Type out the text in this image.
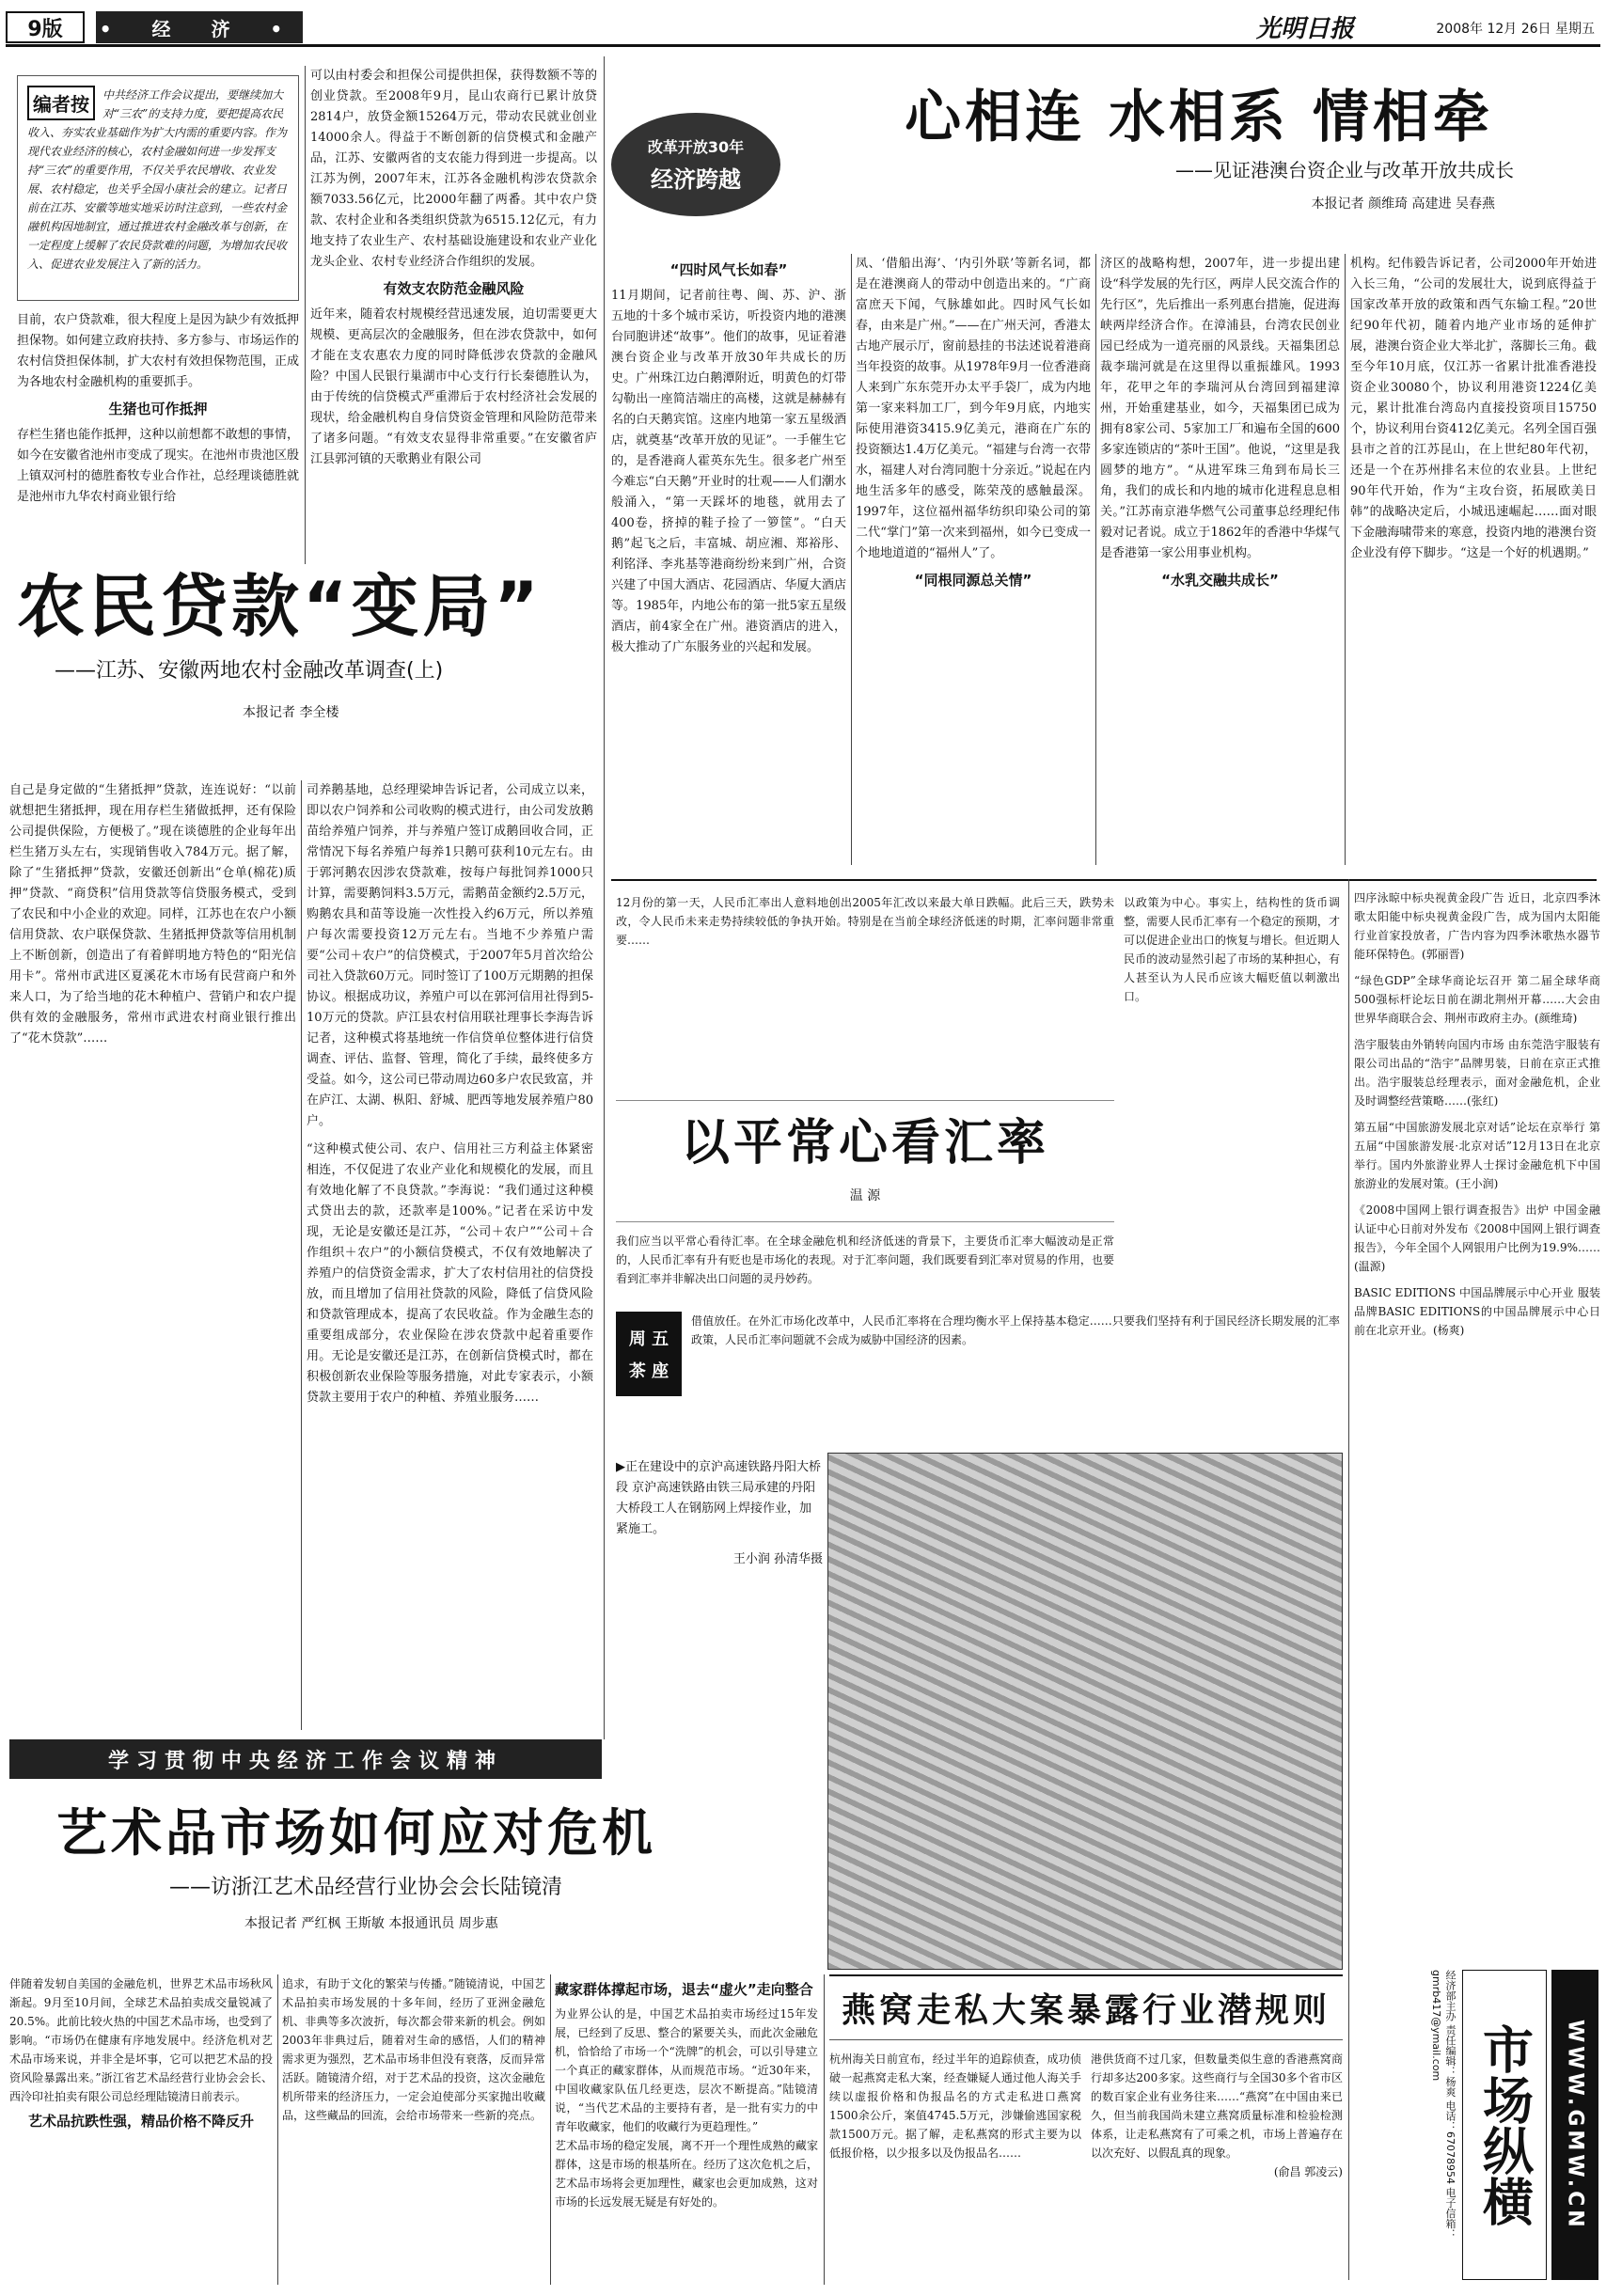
9版	• 经 济 •	光明日报	2008年 12月 26日 星期五
编者按	中共经济工作会议提出，要继续加大对“三农”的支持力度，要把提高农民收入、夯实农业基础作为扩大内需的重要内容。作为现代农业经济的核心，农村金融如何进一步发挥支持“三农”的重要作用，不仅关乎农民增收、农业发展、农村稳定，也关乎全国小康社会的建立。记者日前在江苏、安徽等地实地采访时注意到，一些农村金融机构因地制宜，通过推进农村金融改革与创新，在一定程度上缓解了农民贷款难的问题，为增加农民收入、促进农业发展注入了新的活力。

目前，农户贷款难，很大程度上是因为缺少有效抵押担保物。如何建立政府扶持、多方参与、市场运作的农村信贷担保体制，扩大农村有效担保物范围，正成为各地农村金融机构的重要抓手。

生猪也可作抵押

存栏生猪也能作抵押，这种以前想都不敢想的事情，如今在安徽省池州市变成了现实。在池州市贵池区殷上镇双河村的德胜畜牧专业合作社，总经理谈德胜就是池州市九华农村商业银行给

可以由村委会和担保公司提供担保，获得数额不等的创业贷款。至2008年9月，昆山农商行已累计放贷2814户，放贷金额15264万元，带动农民就业创业14000余人。得益于不断创新的信贷模式和金融产品，江苏、安徽两省的支农能力得到进一步提高。以江苏为例，2007年末，江苏各金融机构涉农贷款余额7033.56亿元，比2000年翻了两番。其中农户贷款、农村企业和各类组织贷款为6515.12亿元，有力地支持了农业生产、农村基础设施建设和农业产业化龙头企业、农村专业经济合作组织的发展。

有效支农防范金融风险

近年来，随着农村规模经营迅速发展，迫切需要更大规模、更高层次的金融服务，但在涉农贷款中，如何才能在支农惠农力度的同时降低涉农贷款的金融风险？中国人民银行巢湖市中心支行行长秦德胜认为，由于传统的信贷模式严重滞后于农村经济社会发展的现状，给金融机构自身信贷资金管理和风险防范带来了诸多问题。“有效支农显得非常重要。”在安徽省庐江县郭河镇的天歌鹅业有限公司

农民贷款“变局”
——江苏、安徽两地农村金融改革调查(上)
本报记者 李全楼

自己是身定做的“生猪抵押”贷款，连连说好：“以前就想把生猪抵押，现在用存栏生猪做抵押，还有保险公司提供保险，方便极了。”现在谈德胜的企业每年出栏生猪万头左右，实现销售收入784万元。据了解，除了“生猪抵押”贷款，安徽还创新出“仓单(棉花)质押”贷款、“商贷积”信用贷款等信贷服务模式，受到了农民和中小企业的欢迎。同样，江苏也在农户小额信用贷款、农户联保贷款、生猪抵押贷款等信用机制上不断创新，创造出了有着鲜明地方特色的“阳光信用卡”。常州市武进区夏溪花木市场有民营商户和外来人口，为了给当地的花木种植户、营销户和农户提供有效的金融服务，常州市武进农村商业银行推出了“花木贷款”……

司养鹅基地，总经理梁坤告诉记者，公司成立以来，即以农户饲养和公司收购的模式进行，由公司发放鹅苗给养殖户饲养，并与养殖户签订成鹅回收合同，正常情况下每名养殖户每养1只鹅可获利10元左右。由于郭河鹅农因涉农贷款难，按每户每批饲养1000只计算，需要鹅饲料3.5万元，需鹅苗金额约2.5万元，购鹅农具和苗等设施一次性投入约6万元，所以养殖户每次需要投资12万元左右。当地不少养殖户需要“公司＋农户”的信贷模式，于2007年5月首次给公司社入贷款60万元。同时签订了100万元期鹅的担保协议。根据成功议，养殖户可以在郭河信用社得到5-10万元的贷款。庐江县农村信用联社理事长李海告诉记者，这种模式将基地统一作信贷单位整体进行信贷调查、评估、监督、管理，简化了手续，最终使多方受益。如今，这公司已带动周边60多户农民致富，并在庐江、太湖、枞阳、舒城、肥西等地发展养殖户80户。

“这种模式使公司、农户、信用社三方利益主体紧密相连，不仅促进了农业产业化和规模化的发展，而且有效地化解了不良贷款。”李海说：“我们通过这种模式贷出去的款，还款率是100%。”记者在采访中发现，无论是安徽还是江苏，“公司＋农户”“公司＋合作组织＋农户”的小额信贷模式，不仅有效地解决了养殖户的信贷资金需求，扩大了农村信用社的信贷投放，而且增加了信用社贷款的风险，降低了信贷风险和贷款管理成本，提高了农民收益。作为金融生态的重要组成部分，农业保险在涉农贷款中起着重要作用。无论是安徽还是江苏，在创新信贷模式时，都在积极创新农业保险等服务措施，对此专家表示，小额贷款主要用于农户的种植、养殖业服务……

改革开放30年
经济跨越
心相连 水相系 情相牵
——见证港澳台资企业与改革开放共成长
本报记者 颜维琦 高建进 吴春燕
“四时风气长如春”

11月期间，记者前往粤、闽、苏、沪、浙五地的十多个城市采访，听投资内地的港澳台同胞讲述“故事”。他们的故事，见证着港澳台资企业与改革开放30年共成长的历史。广州珠江边白鹅潭附近，明黄色的灯带勾勒出一座简洁端庄的高楼，这就是赫赫有名的白天鹅宾馆。这座内地第一家五星级酒店，就奠基“改革开放的见证”。一手催生它的，是香港商人霍英东先生。很多老广州至今难忘“白天鹅”开业时的壮观——人们潮水般涌入，“第一天踩坏的地毯，就用去了400卷，挤掉的鞋子捡了一箩筐”。“白天鹅”起飞之后，丰富城、胡应湘、郑裕彤、利铭泽、李兆基等港商纷纷来到广州，合资兴建了中国大酒店、花园酒店、华厦大酒店等。1985年，内地公布的第一批5家五星级酒店，前4家全在广州。港资酒店的进入，极大推动了广东服务业的兴起和发展。

凤、‘借船出海’、‘内引外联’等新名词，都是在港澳商人的带动中创造出来的。“广商富庶天下闻，气脉雄如此。四时风气长如春，由来是广州。”——在广州天河，香港太古地产展示厅，窗前悬挂的书法述说着港商当年投资的故事。从1978年9月一位香港商人来到广东东莞开办太平手袋厂，成为内地第一家来料加工厂，到今年9月底，内地实际使用港资3415.9亿美元，港商在广东的投资额达1.4万亿美元。“福建与台湾一衣带水，福建人对台湾同胞十分亲近。”说起在内地生活多年的感受，陈荣茂的感触最深。1997年，这位福州福华纺织印染公司的第二代“掌门”第一次来到福州，如今已变成一个地地道道的“福州人”了。

“同根同源总关情”

济区的战略构想，2007年，进一步提出建设“科学发展的先行区，两岸人民交流合作的先行区”，先后推出一系列惠台措施，促进海峡两岸经济合作。在漳浦县，台湾农民创业园已经成为一道亮丽的风景线。天福集团总裁李瑞河就是在这里得以重振雄风。1993年，花甲之年的李瑞河从台湾回到福建漳州，开始重建基业，如今，天福集团已成为拥有8家公司、5家加工厂和遍布全国的600多家连锁店的“茶叶王国”。他说，“这里是我圆梦的地方”。“从进军珠三角到布局长三角，我们的成长和内地的城市化进程息息相关。”江苏南京港华燃气公司董事总经理纪伟毅对记者说。成立于1862年的香港中华煤气是香港第一家公用事业机构。

“水乳交融共成长”

机构。纪伟毅告诉记者，公司2000年开始进入长三角，“公司的发展壮大，说到底得益于国家改革开放的政策和西气东输工程。”20世纪90年代初，随着内地产业市场的延伸扩展，港澳台资企业大举北扩，落脚长三角。截至今年10月底，仅江苏一省累计批准香港投资企业30080个，协议利用港资1224亿美元，累计批准台湾岛内直接投资项目15750个，协议利用台资412亿美元。名列全国百强县市之首的江苏昆山，在上世纪80年代初，还是一个在苏州排名末位的农业县。上世纪90年代开始，作为“主攻台资，拓展欧美日韩”的战略决定后，小城迅速崛起……面对眼下金融海啸带来的寒意，投资内地的港澳台资企业没有停下脚步。“这是一个好的机遇期。”

12月份的第一天，人民币汇率出人意料地创出2005年汇改以来最大单日跌幅。此后三天，跌势未改，令人民币未来走势持续较低的争执开始。特别是在当前全球经济低迷的时期，汇率问题非常重要……

以政策为中心。事实上，结构性的货币调整，需要人民币汇率有一个稳定的预期，才可以促进企业出口的恢复与增长。但近期人民币的波动显然引起了市场的某种担心，有人甚至认为人民币应该大幅贬值以刺激出口。

以平常心看汇率
温 源

我们应当以平常心看待汇率。在全球金融危机和经济低迷的背景下，主要货币汇率大幅波动是正常的，人民币汇率有升有贬也是市场化的表现。对于汇率问题，我们既要看到汇率对贸易的作用，也要看到汇率并非解决出口问题的灵丹妙药。

周 五
茶 座

借值放任。在外汇市场化改革中，人民币汇率将在合理均衡水平上保持基本稳定……只要我们坚持有利于国民经济长期发展的汇率政策，人民币汇率问题就不会成为威胁中国经济的因素。

▶正在建设中的京沪高速铁路丹阳大桥段 京沪高速铁路由铁三局承建的丹阳大桥段工人在钢筋网上焊接作业，加紧施工。

王小润 孙清华摄

四序泳晾中标央视黄金段广告 近日，北京四季沐歌太阳能中标央视黄金段广告，成为国内太阳能行业首家投放者，广告内容为四季沐歌热水器节能环保特色。(郭丽晋)

“绿色GDP”全球华商论坛召开 第二届全球华商500强标杆论坛日前在湖北荆州开幕……大会由世界华商联合会、荆州市政府主办。(颜维琦)

浩宇服装由外销转向国内市场 由东莞浩宇服装有限公司出品的“浩宇”品牌男装，日前在京正式推出。浩宇服装总经理表示，面对金融危机，企业及时调整经营策略……(张红)

第五届“中国旅游发展北京对话”论坛在京举行 第五届“中国旅游发展·北京对话”12月13日在北京举行。国内外旅游业界人士探讨金融危机下中国旅游业的发展对策。(王小润)

《2008中国网上银行调查报告》出炉 中国金融认证中心日前对外发布《2008中国网上银行调查报告》，今年全国个人网银用户比例为19.9%……(温源)

BASIC EDITIONS 中国品牌展示中心开业 服装品牌BASIC EDITIONS的中国品牌展示中心日前在北京开业。(杨爽)

经济部主办 责任编辑：杨爽 电话：67078954 电子信箱：gmrb417@ymail.com 市场纵横	WWW.GMW.CN
学习贯彻中央经济工作会议精神
艺术品市场如何应对危机
——访浙江艺术品经营行业协会会长陆镜清
本报记者 严红枫 王斯敏 本报通讯员 周步惠

伴随着发轫自美国的金融危机，世界艺术品市场秋风渐起。9月至10月间，全球艺术品拍卖成交量锐减了20.5%。此前比较火热的中国艺术品市场，也受到了影响。“市场仍在健康有序地发展中。经济危机对艺术品市场来说，并非全是坏事，它可以把艺术品的投资风险暴露出来。”浙江省艺术品经营行业协会会长、西泠印社拍卖有限公司总经理陆镜清日前表示。

艺术品抗跌性强，精品价格不降反升

追求，有助于文化的繁荣与传播。”随镜清说，中国艺术品拍卖市场发展的十多年间，经历了亚洲金融危机、非典等多次波折，每次都会带来新的机会。例如2003年非典过后，随着对生命的感悟，人们的精神需求更为强烈，艺术品市场非但没有衰落，反而异常活跃。随镜清介绍，对于艺术品的投资，这次金融危机所带来的经济压力，一定会迫使部分买家抛出收藏品，这些藏品的回流，会给市场带来一些新的亮点。

藏家群体撑起市场，退去“虚火”走向整合

为业界公认的是，中国艺术品拍卖市场经过15年发展，已经到了反思、整合的紧要关头，而此次金融危机，恰恰给了市场一个“洗牌”的机会，可以引导建立一个真正的藏家群体，从而规范市场。“近30年来，中国收藏家队伍几经更迭，层次不断提高。”陆镜清说，“当代艺术品的主要持有者，是一批有实力的中青年收藏家，他们的收藏行为更趋理性。”

艺术品市场的稳定发展，离不开一个理性成熟的藏家群体，这是市场的根基所在。经历了这次危机之后，艺术品市场将会更加理性，藏家也会更加成熟，这对市场的长远发展无疑是有好处的。

燕窝走私大案暴露行业潜规则

杭州海关日前宣布，经过半年的追踪侦查，成功侦破一起燕窝走私大案，经查嫌疑人通过他人海关手续以虚报价格和伪报品名的方式走私进口燕窝1500余公斤，案值4745.5万元，涉嫌偷逃国家税款1500万元。据了解，走私燕窝的形式主要为以低报价格，以少报多以及伪报品名……

港供货商不过几家，但数量类似生意的香港燕窝商行却多达200多家。这些商行与全国30多个省市区的数百家企业有业务往来……“燕窝”在中国由来已久，但当前我国尚未建立燕窝质量标准和检验检测体系，让走私燕窝有了可乘之机，市场上普遍存在以次充好、以假乱真的现象。

(俞昌 郭凌云)
